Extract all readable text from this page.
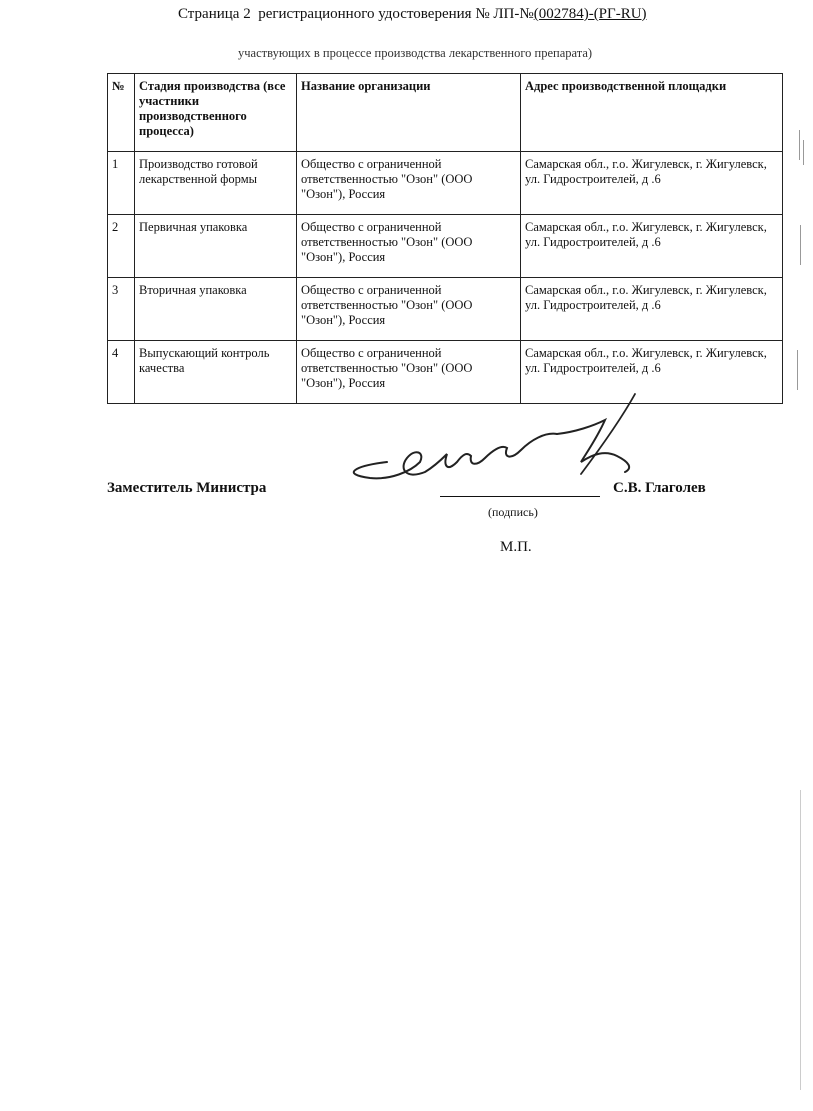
Страница 2 регистрационного удостоверения № ЛП-№(002784)-(РГ-RU)
участвующих в процессе производства лекарственного препарата)
№	Стадия производства (все участники производственного процесса)	Название организации	Адрес производственной площадки
1	Производство готовой лекарственной формы	Общество с ограниченной ответственностью "Озон" (ООО "Озон"), Россия	Самарская обл., г.о. Жигулевск, г. Жигулевск, ул. Гидростроителей, д .6
2	Первичная упаковка	Общество с ограниченной ответственностью "Озон" (ООО "Озон"), Россия	Самарская обл., г.о. Жигулевск, г. Жигулевск, ул. Гидростроителей, д .6
3	Вторичная упаковка	Общество с ограниченной ответственностью "Озон" (ООО "Озон"), Россия	Самарская обл., г.о. Жигулевск, г. Жигулевск, ул. Гидростроителей, д .6
4	Выпускающий контроль качества	Общество с ограниченной ответственностью "Озон" (ООО "Озон"), Россия	Самарская обл., г.о. Жигулевск, г. Жигулевск, ул. Гидростроителей, д .6
Заместитель Министра	С.В. Глаголев
(подпись)
М.П.
